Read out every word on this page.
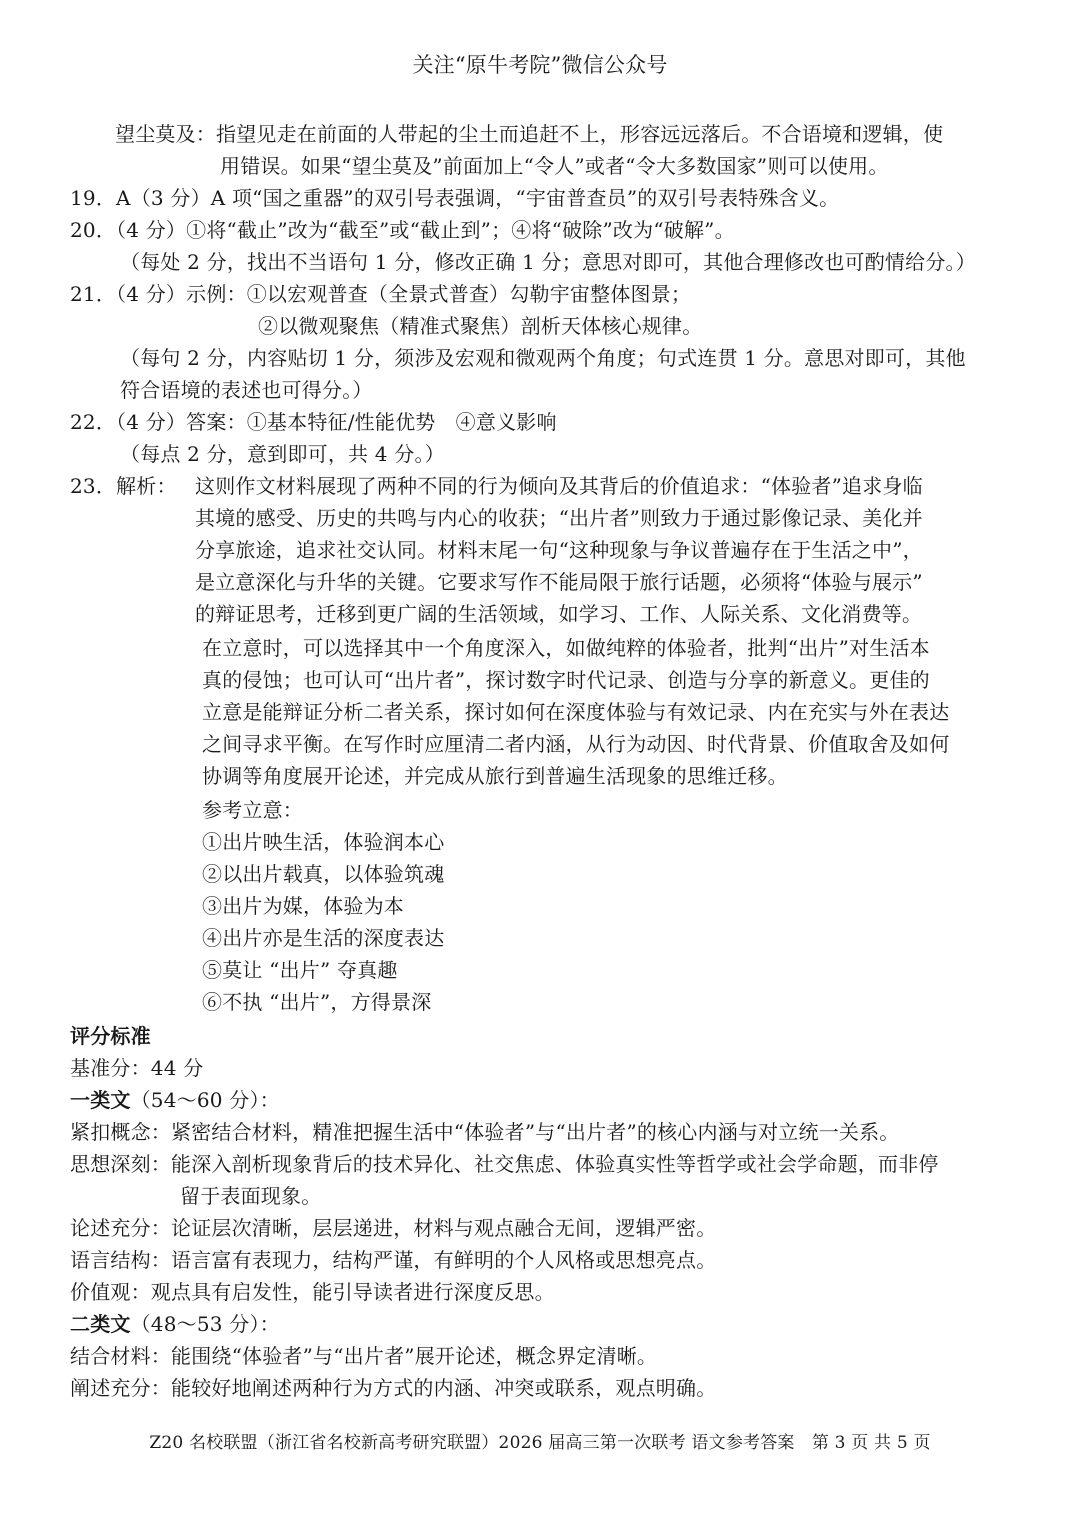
关注“原牛考院”微信公众号
望尘莫及：指望见走在前面的人带起的尘土而追赶不上，形容远远落后。不合语境和逻辑，使
用错误。如果“望尘莫及”前面加上“令人”或者“令大多数国家”则可以使用。
19．A（3 分）A 项“国之重器”的双引号表强调，“宇宙普查员”的双引号表特殊含义。
20．（4 分）①将“截止”改为“截至”或“截止到”；④将“破除”改为“破解”。
（每处 2 分，找出不当语句 1 分，修改正确 1 分；意思对即可，其他合理修改也可酌情给分。）
21．（4 分）示例：①以宏观普查（全景式普查）勾勒宇宙整体图景；
②以微观聚焦（精准式聚焦）剖析天体核心规律。
（每句 2 分，内容贴切 1 分，须涉及宏观和微观两个角度；句式连贯 1 分。意思对即可，其他
符合语境的表述也可得分。）
22．（4 分）答案：①基本特征/性能优势　④意义影响
（每点 2 分，意到即可，共 4 分。）
23．解析： 这则作文材料展现了两种不同的行为倾向及其背后的价值追求：“体验者”追求身临
其境的感受、历史的共鸣与内心的收获；“出片者”则致力于通过影像记录、美化并
分享旅途，追求社交认同。材料末尾一句“这种现象与争议普遍存在于生活之中”，
是立意深化与升华的关键。它要求写作不能局限于旅行话题，必须将“体验与展示”
的辩证思考，迁移到更广阔的生活领域，如学习、工作、人际关系、文化消费等。
在立意时，可以选择其中一个角度深入，如做纯粹的体验者，批判“出片”对生活本
真的侵蚀；也可认可“出片者”，探讨数字时代记录、创造与分享的新意义。更佳的
立意是能辩证分析二者关系，探讨如何在深度体验与有效记录、内在充实与外在表达
之间寻求平衡。在写作时应厘清二者内涵，从行为动因、时代背景、价值取舍及如何
协调等角度展开论述，并完成从旅行到普遍生活现象的思维迁移。
参考立意：
①出片映生活，体验润本心
②以出片载真，以体验筑魂
③出片为媒，体验为本
④出片亦是生活的深度表达
⑤莫让 “出片” 夺真趣
⑥不执 “出片”，方得景深
评分标准
基准分：44 分
一类文（54～60 分）：
紧扣概念：紧密结合材料，精准把握生活中“体验者”与“出片者”的核心内涵与对立统一关系。
思想深刻：能深入剖析现象背后的技术异化、社交焦虑、体验真实性等哲学或社会学命题，而非停
留于表面现象。
论述充分：论证层次清晰，层层递进，材料与观点融合无间，逻辑严密。
语言结构：语言富有表现力，结构严谨，有鲜明的个人风格或思想亮点。
价值观：观点具有启发性，能引导读者进行深度反思。
二类文（48～53 分）：
结合材料：能围绕“体验者”与“出片者”展开论述，概念界定清晰。
阐述充分：能较好地阐述两种行为方式的内涵、冲突或联系，观点明确。
Z20 名校联盟（浙江省名校新高考研究联盟）2026 届高三第一次联考 语文参考答案　第 3 页 共 5 页
